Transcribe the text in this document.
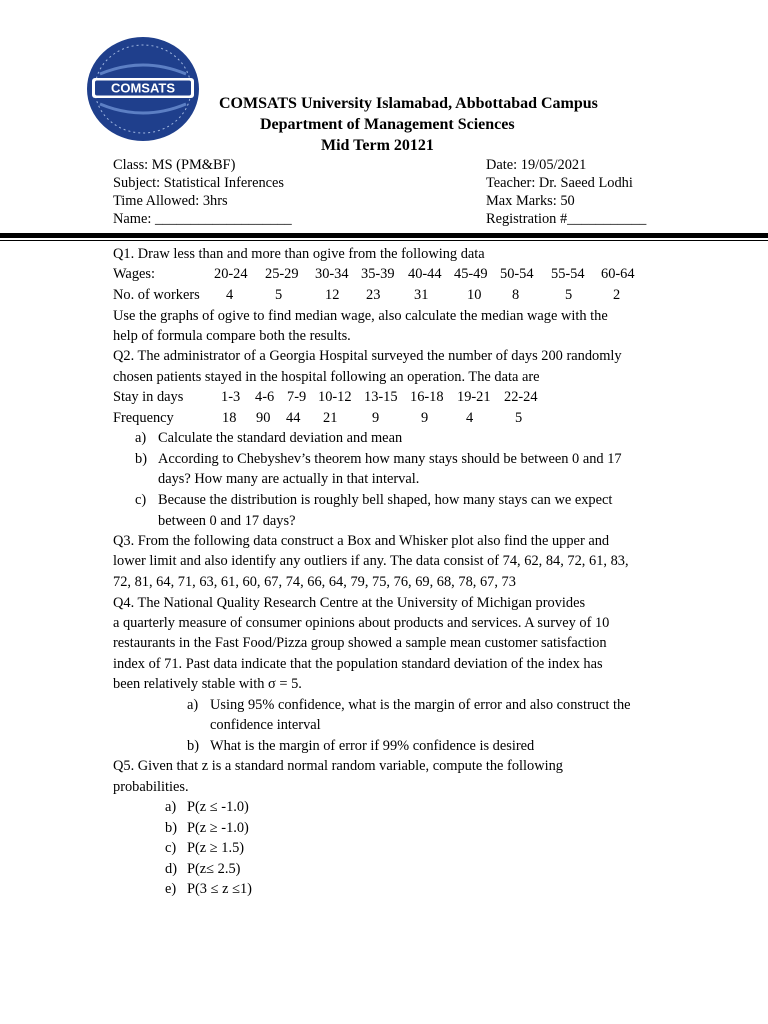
COMSATS
COMSATS University Islamabad, Abbottabad Campus
Department of Management Sciences
Mid Term 20121
Class: MS (PM&BF)
Subject: Statistical Inferences
Time Allowed: 3hrs
Name: ___________________
Date: 19/05/2021
Teacher: Dr. Saeed Lodhi
Max Marks: 50
Registration #___________
Q1. Draw less than and more than ogive from the following data
Wages:	20-24 25-29 30-34 35-39 40-44 45-49 50-54 55-54 60-64
No. of workers 4	5	12 23 31	10 8	5	2
Use the graphs of ogive to find median wage, also calculate the median wage with the
help of formula compare both the results.
Q2. The administrator of a Georgia Hospital surveyed the number of days 200 randomly
chosen patients stayed in the hospital following an operation. The data are
Stay in days	1-3 4-6 7-9 10-12 13-15 16-18 19-21 22-24
Frequency	18 90 44 21 9	9	4	5
a) Calculate the standard deviation and mean
b) According to Chebyshev’s theorem how many stays should be between 0 and 17
days? How many are actually in that interval.
c) Because the distribution is roughly bell shaped, how many stays can we expect
between 0 and 17 days?
Q3. From the following data construct a Box and Whisker plot also find the upper and
lower limit and also identify any outliers if any. The data consist of 74, 62, 84, 72, 61, 83,
72, 81, 64, 71, 63, 61, 60, 67, 74, 66, 64, 79, 75, 76, 69, 68, 78, 67, 73
Q4. The National Quality Research Centre at the University of Michigan provides
a quarterly measure of consumer opinions about products and services. A survey of 10
restaurants in the Fast Food/Pizza group showed a sample mean customer satisfaction
index of 71. Past data indicate that the population standard deviation of the index has
been relatively stable with σ = 5.
a) Using 95% confidence, what is the margin of error and also construct the
confidence interval
b) What is the margin of error if 99% confidence is desired
Q5. Given that z is a standard normal random variable, compute the following
probabilities.
a) P(z ≤ -1.0)
b) P(z ≥ -1.0)
c) P(z ≥ 1.5)
d) P(z≤ 2.5)
e) P(3 ≤ z ≤1)
